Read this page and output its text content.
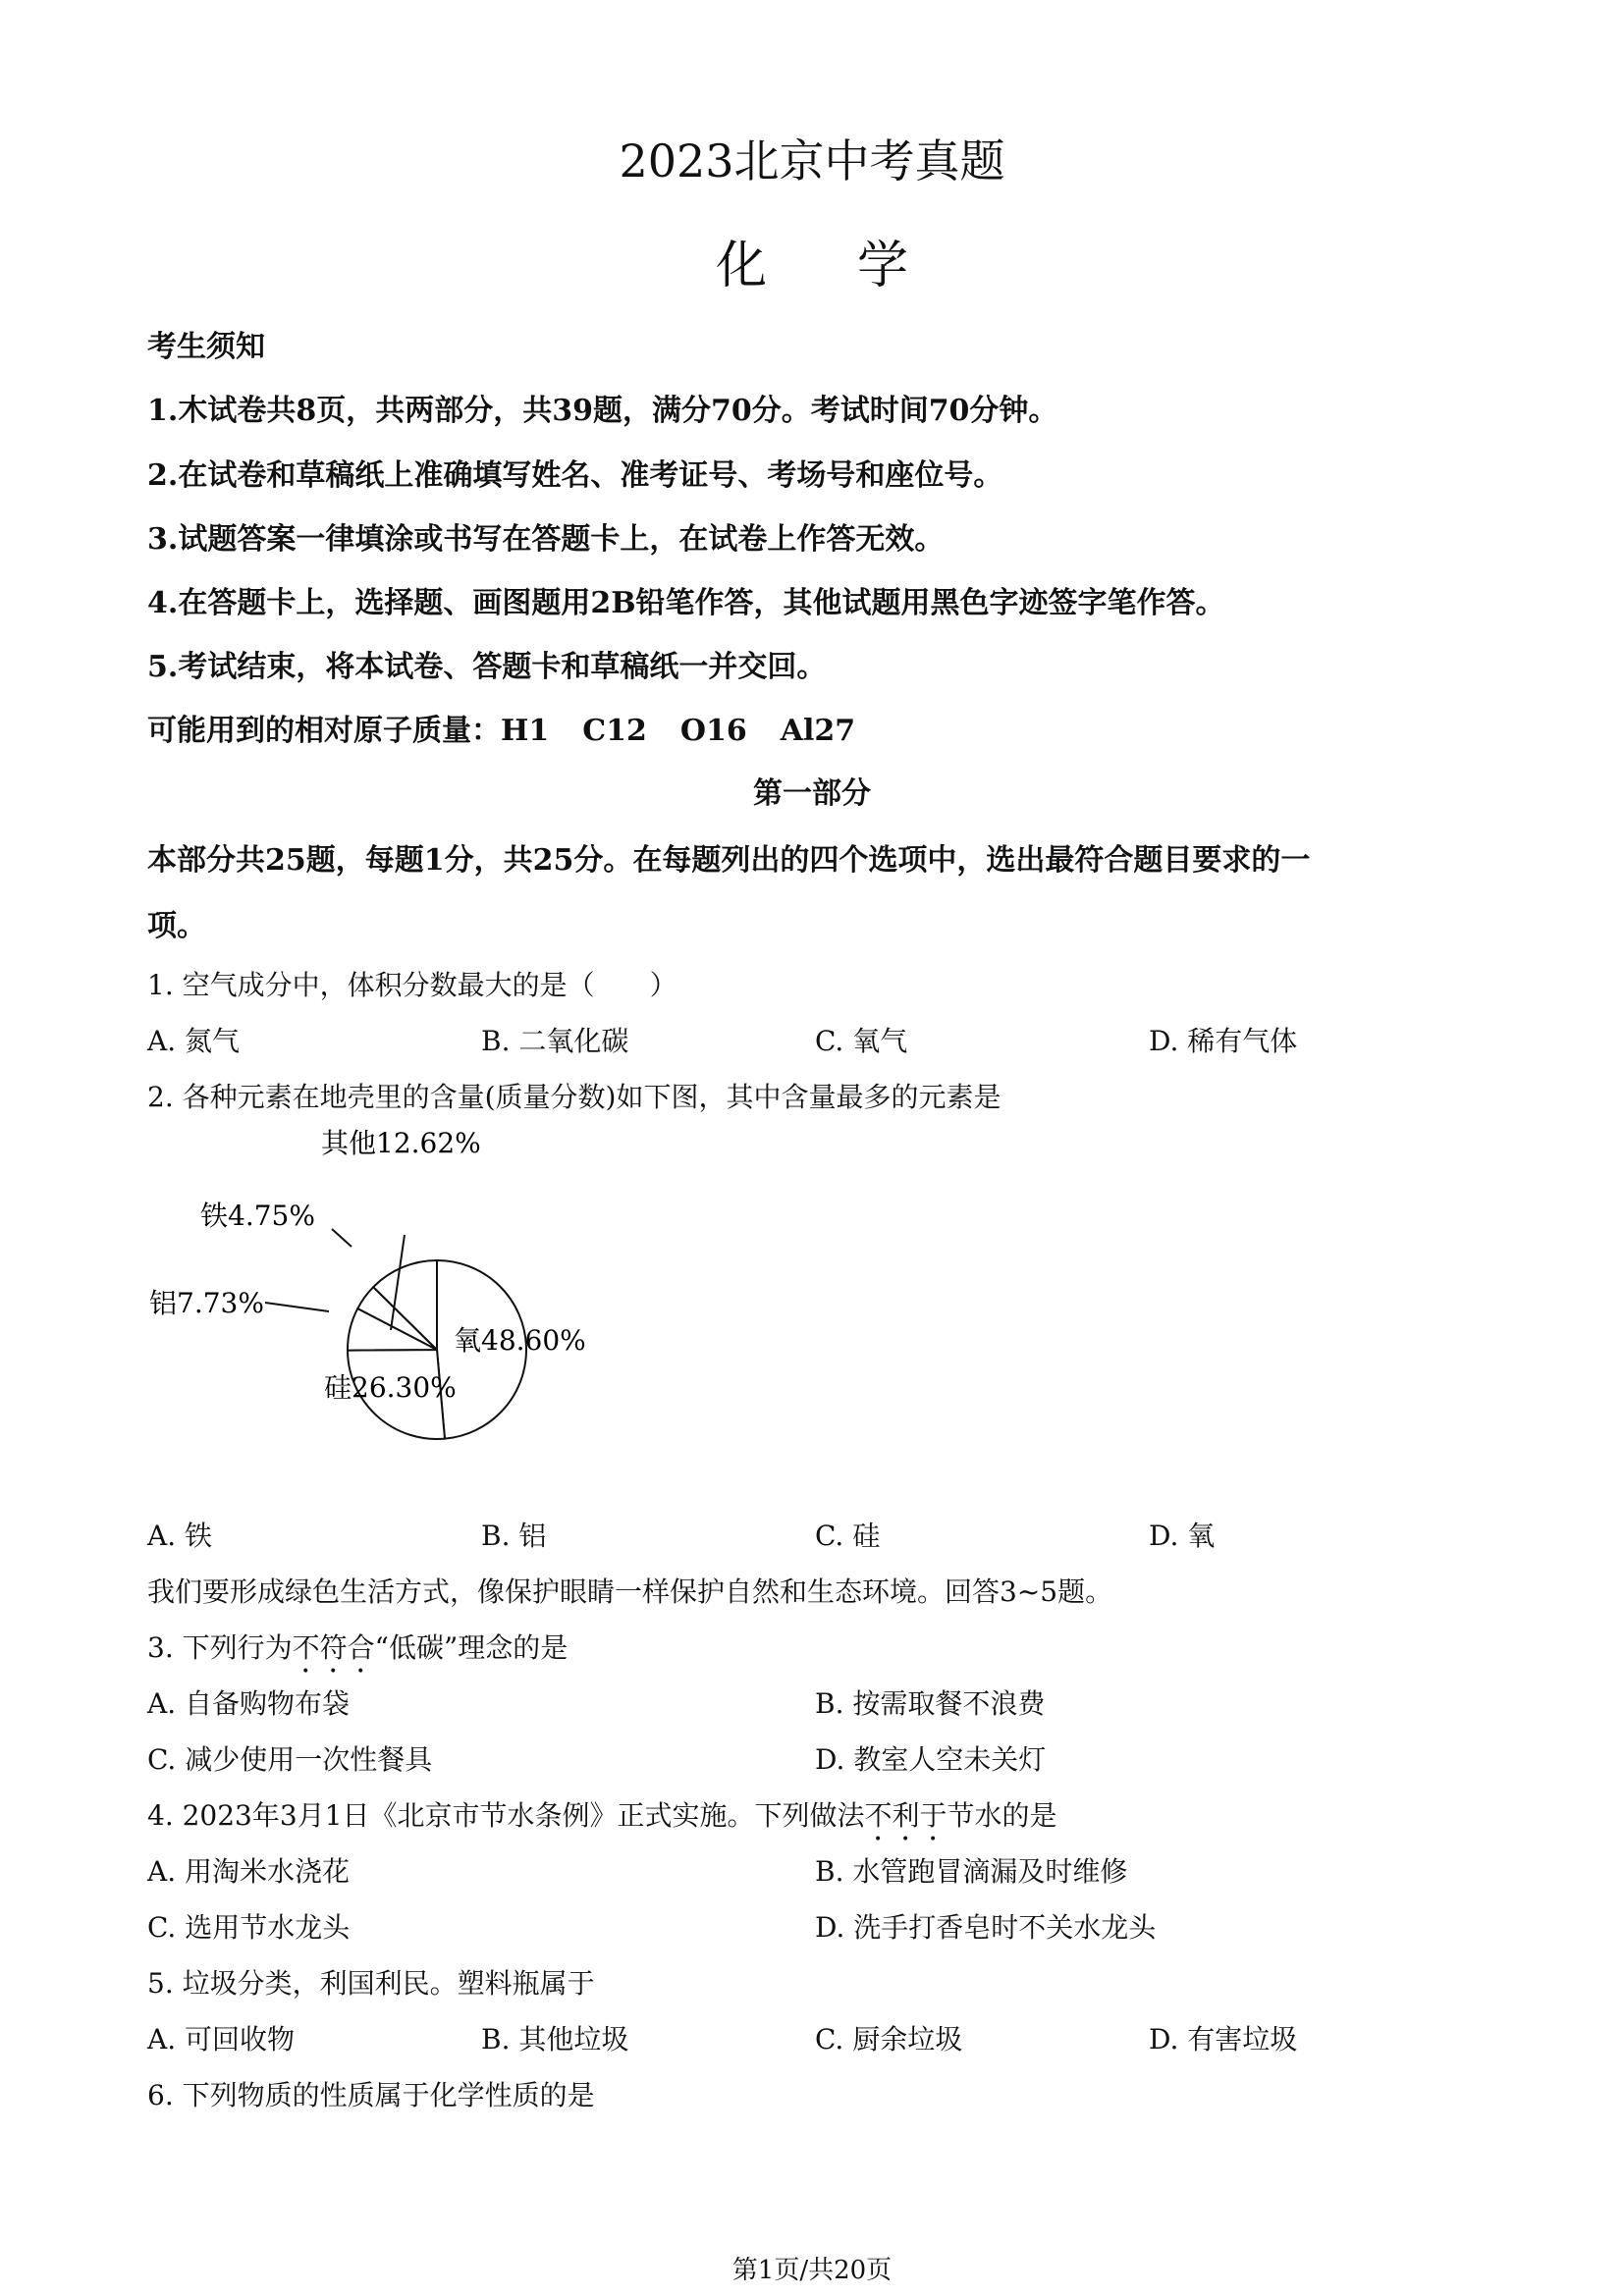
2023北京中考真题
化学
考生须知
1.木试卷共8页，共两部分，共39题，满分70分。考试时间70分钟。
2.在试卷和草稿纸上准确填写姓名、准考证号、考场号和座位号。
3.试题答案一律填涂或书写在答题卡上，在试卷上作答无效。
4.在答题卡上，选择题、画图题用2B铅笔作答，其他试题用黑色字迹签字笔作答。
5.考试结束，将本试卷、答题卡和草稿纸一并交回。
可能用到的相对原子质量：H1 C12 O16 Al27
第一部分
本部分共25题，每题1分，共25分。在每题列出的四个选项中，选出最符合题目要求的一
项。
1. 空气成分中，体积分数最大的是（　　）
A. 氮气	B. 二氧化碳	C. 氧气	D. 稀有气体
2. 各种元素在地壳里的含量(质量分数)如下图，其中含量最多的元素是
氧48.60%
硅26.30%
铝7.73%
铁4.75%
其他12.62%
A. 铁	B. 铝	C. 硅	D. 氧
我们要形成绿色生活方式，像保护眼睛一样保护自然和生态环境。回答3~5题。
3. 下列行为不符合“低碳”理念的是
A. 自备购物布袋	B. 按需取餐不浪费
C. 减少使用一次性餐具	D. 教室人空未关灯
4. 2023年3月1日《北京市节水条例》正式实施。下列做法不利于节水的是
A. 用淘米水浇花	B. 水管跑冒滴漏及时维修
C. 选用节水龙头	D. 洗手打香皂时不关水龙头
5. 垃圾分类，利国利民。塑料瓶属于
A. 可回收物	B. 其他垃圾	C. 厨余垃圾	D. 有害垃圾
6. 下列物质的性质属于化学性质的是
第1页/共20页
